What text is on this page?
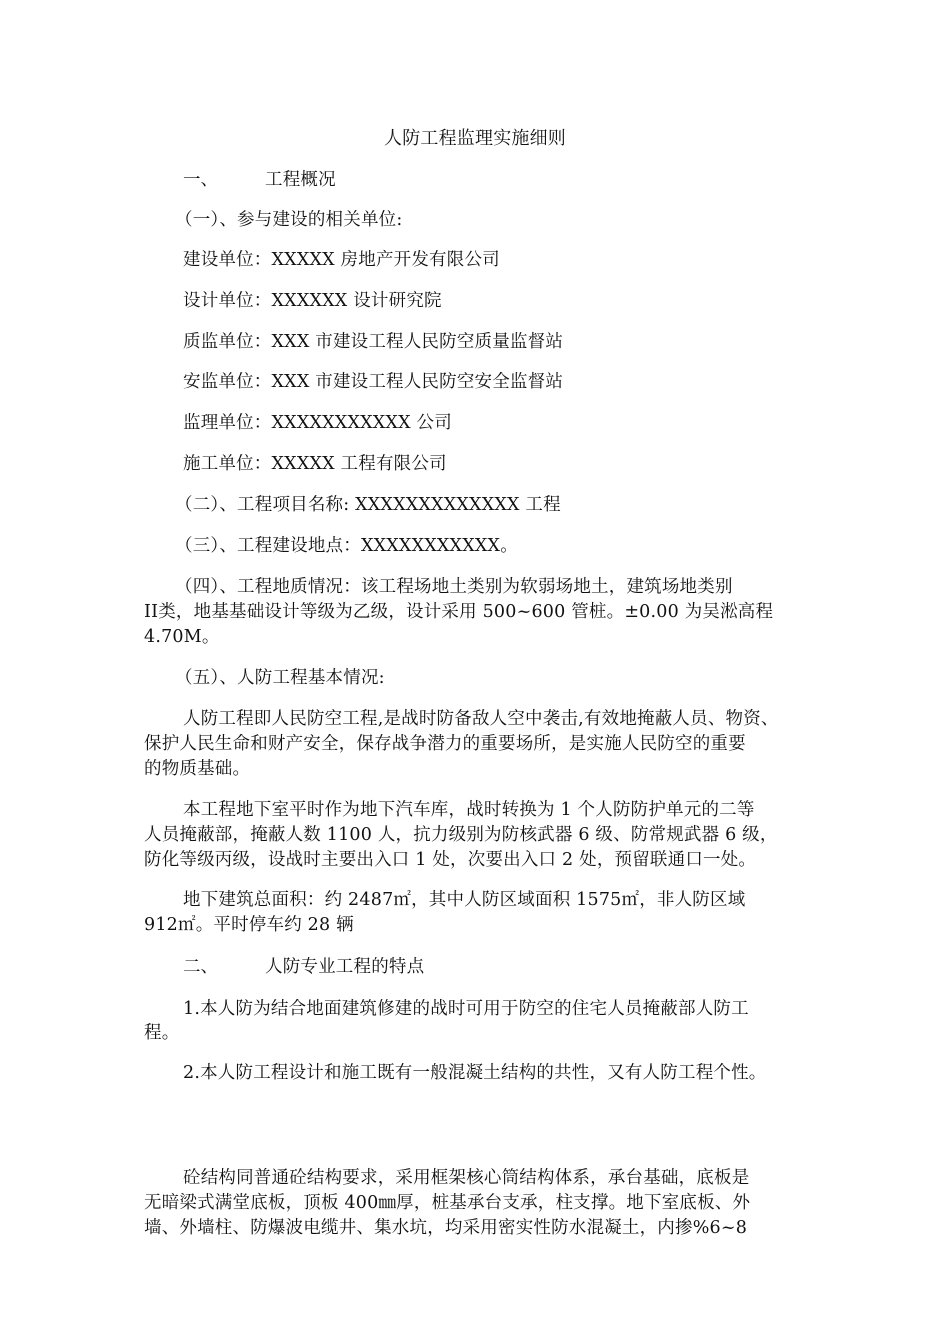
人防工程监理实施细则
一、	工程概况
（一）、参与建设的相关单位:
建设单位：XXXXX 房地产开发有限公司
设计单位：XXXXXX 设计研究院
质监单位：XXX 市建设工程人民防空质量监督站
安监单位：XXX 市建设工程人民防空安全监督站
监理单位：XXXXXXXXXXX 公司
施工单位：XXXXX 工程有限公司
（二）、工程项目名称: XXXXXXXXXXXXX 工程
（三）、工程建设地点：XXXXXXXXXXX。
（四）、工程地质情况：该工程场地土类别为软弱场地土，建筑场地类别
II类，地基基础设计等级为乙级，设计采用 500~600 管桩。±0.00 为吴淞高程
4.70M。
（五）、人防工程基本情况:
人防工程即人民防空工程,是战时防备敌人空中袭击,有效地掩蔽人员、物资、
保护人民生命和财产安全，保存战争潜力的重要场所，是实施人民防空的重要
的物质基础。
本工程地下室平时作为地下汽车库，战时转换为 1 个人防防护单元的二等
人员掩蔽部，掩蔽人数 1100 人，抗力级别为防核武器 6 级、防常规武器 6 级，
防化等级丙级，设战时主要出入口 1 处，次要出入口 2 处，预留联通口一处。
地下建筑总面积：约 2487㎡，其中人防区域面积 1575㎡，非人防区域
912㎡。平时停车约 28 辆
二、	人防专业工程的特点
1.本人防为结合地面建筑修建的战时可用于防空的住宅人员掩蔽部人防工
程。
2.本人防工程设计和施工既有一般混凝土结构的共性，又有人防工程个性。
砼结构同普通砼结构要求，采用框架核心筒结构体系，承台基础，底板是
无暗梁式满堂底板，顶板 400㎜厚，桩基承台支承，柱支撑。地下室底板、外
墙、外墙柱、防爆波电缆井、集水坑，均采用密实性防水混凝土，内掺%6~8
